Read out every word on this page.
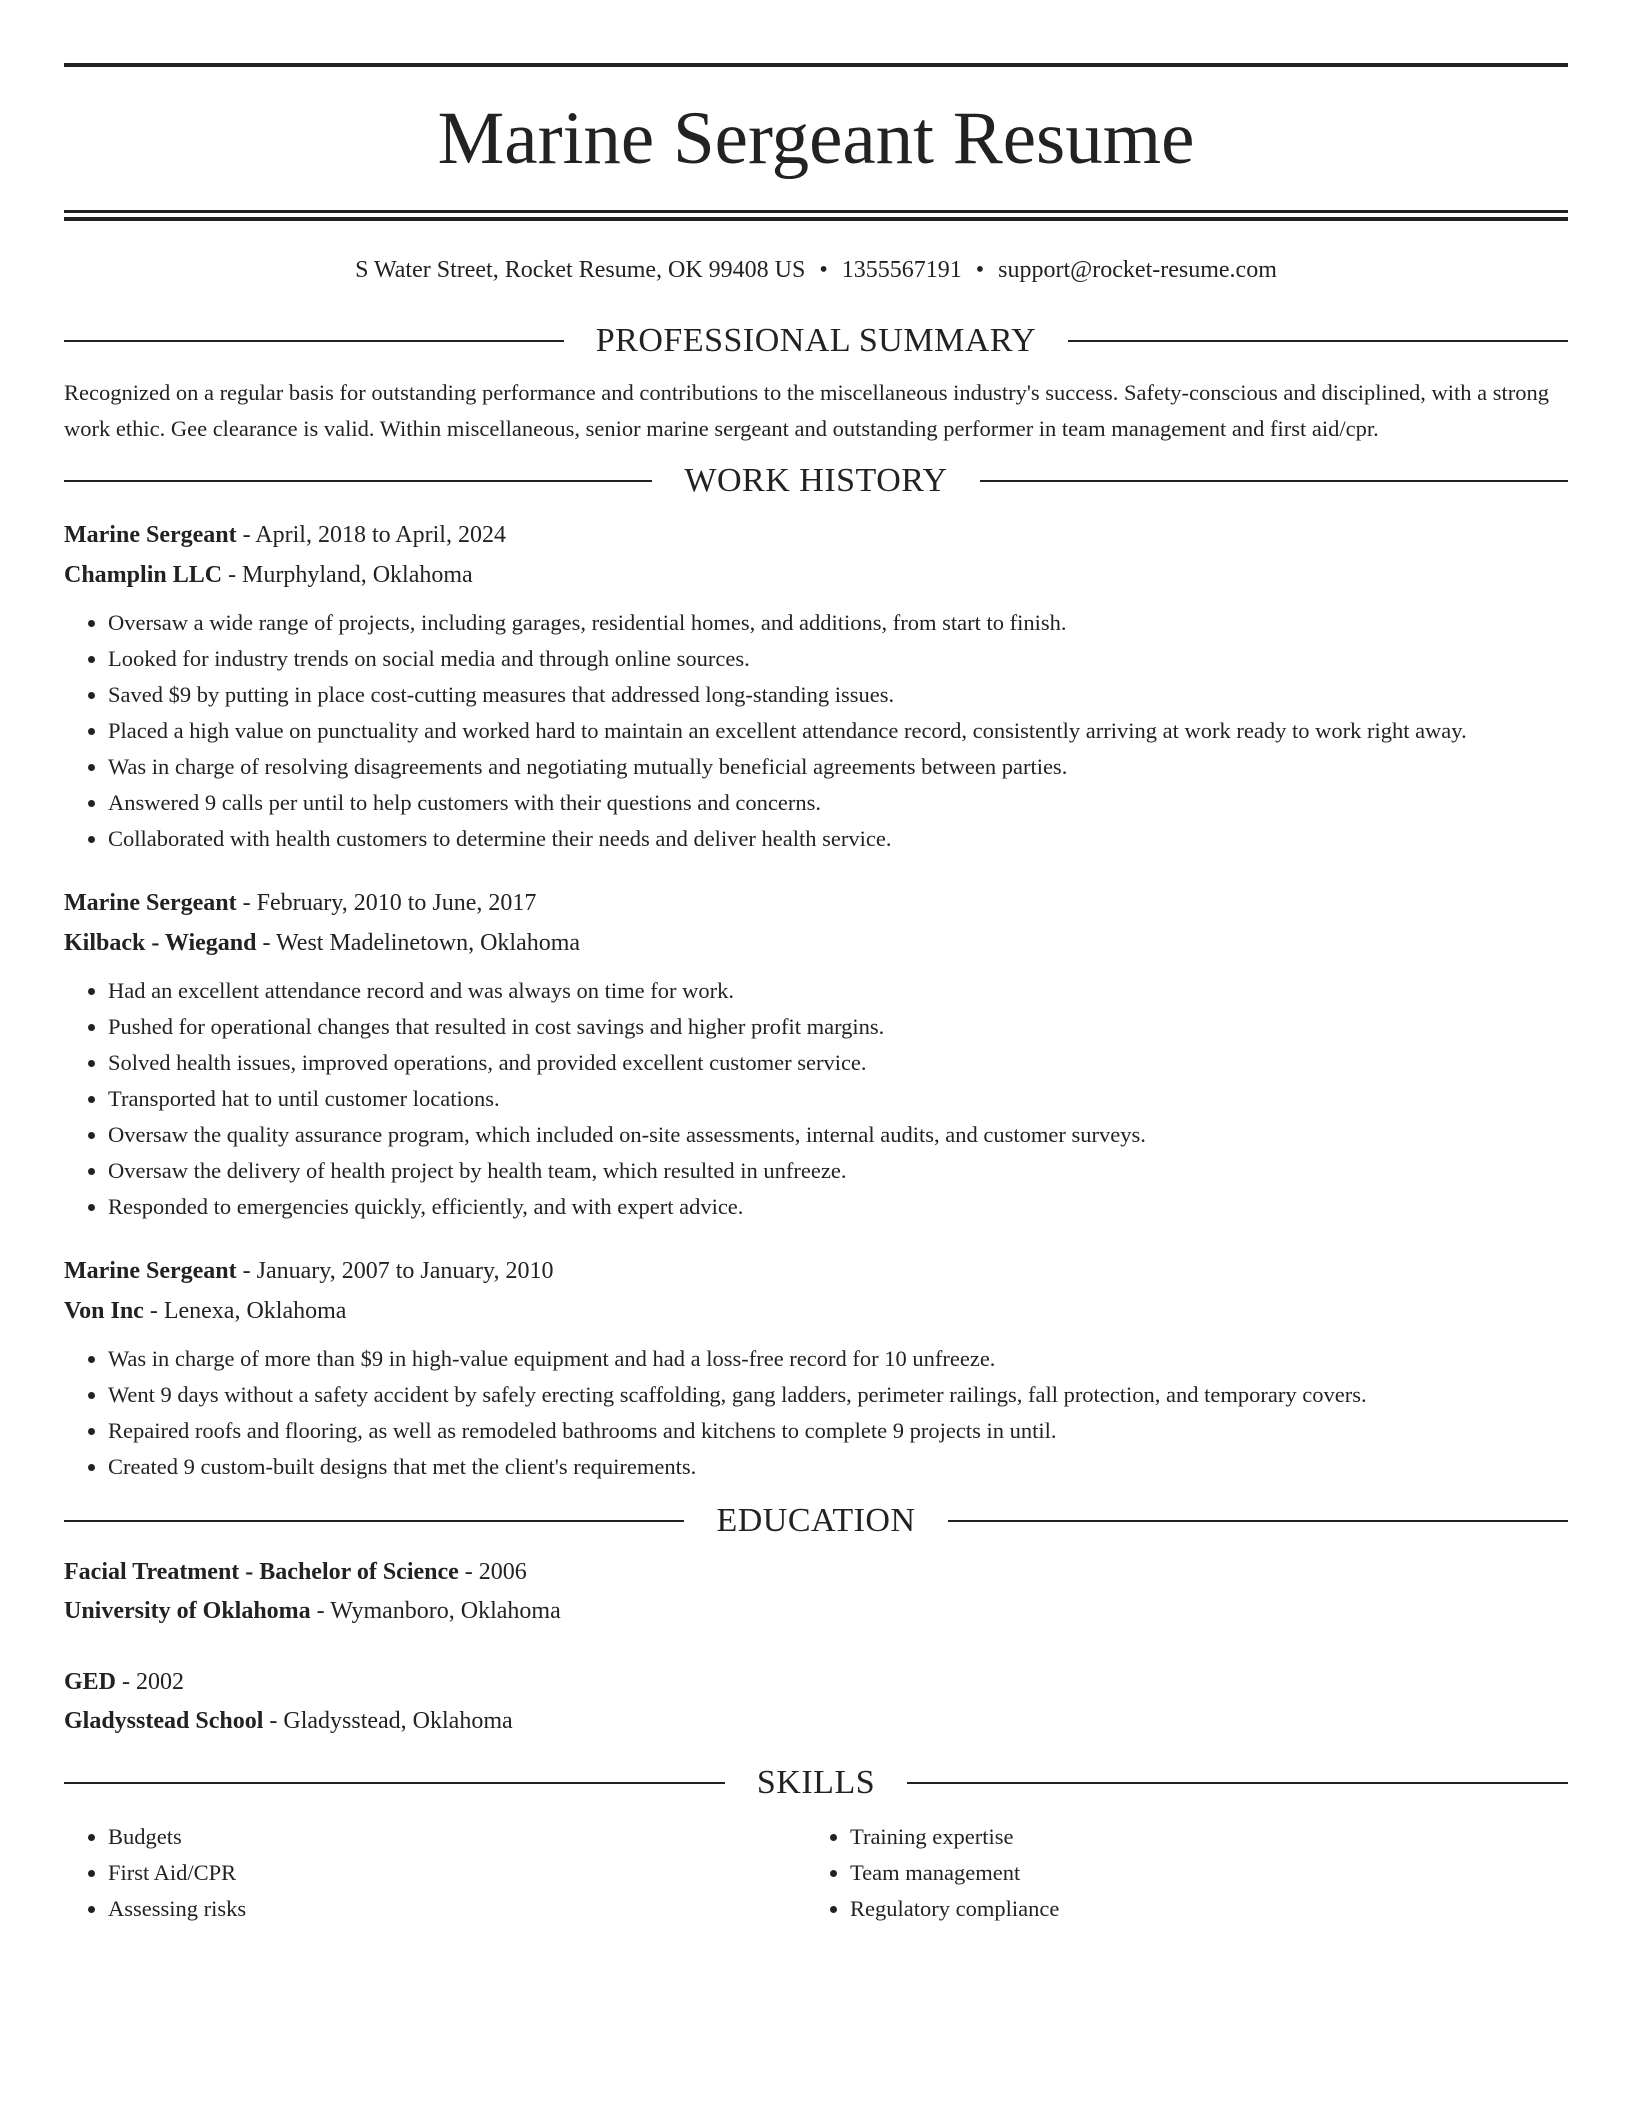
Marine Sergeant Resume
S Water Street, Rocket Resume, OK 99408 US • 1355567191 • support@rocket-resume.com
PROFESSIONAL SUMMARY
Recognized on a regular basis for outstanding performance and contributions to the miscellaneous industry's success. Safety-conscious and disciplined, with a strong work ethic. Gee clearance is valid. Within miscellaneous, senior marine sergeant and outstanding performer in team management and first aid/cpr.
WORK HISTORY
Marine Sergeant - April, 2018 to April, 2024
Champlin LLC - Murphyland, Oklahoma
• Oversaw a wide range of projects, including garages, residential homes, and additions, from start to finish.
• Looked for industry trends on social media and through online sources.
• Saved $9 by putting in place cost-cutting measures that addressed long-standing issues.
• Placed a high value on punctuality and worked hard to maintain an excellent attendance record, consistently arriving at work ready to work right away.
• Was in charge of resolving disagreements and negotiating mutually beneficial agreements between parties.
• Answered 9 calls per until to help customers with their questions and concerns.
• Collaborated with health customers to determine their needs and deliver health service.
Marine Sergeant - February, 2010 to June, 2017
Kilback - Wiegand - West Madelinetown, Oklahoma
• Had an excellent attendance record and was always on time for work.
• Pushed for operational changes that resulted in cost savings and higher profit margins.
• Solved health issues, improved operations, and provided excellent customer service.
• Transported hat to until customer locations.
• Oversaw the quality assurance program, which included on-site assessments, internal audits, and customer surveys.
• Oversaw the delivery of health project by health team, which resulted in unfreeze.
• Responded to emergencies quickly, efficiently, and with expert advice.
Marine Sergeant - January, 2007 to January, 2010
Von Inc - Lenexa, Oklahoma
• Was in charge of more than $9 in high-value equipment and had a loss-free record for 10 unfreeze.
• Went 9 days without a safety accident by safely erecting scaffolding, gang ladders, perimeter railings, fall protection, and temporary covers.
• Repaired roofs and flooring, as well as remodeled bathrooms and kitchens to complete 9 projects in until.
• Created 9 custom-built designs that met the client's requirements.
EDUCATION
Facial Treatment - Bachelor of Science - 2006
University of Oklahoma - Wymanboro, Oklahoma
GED - 2002
Gladysstead School - Gladysstead, Oklahoma
SKILLS
• Budgets
• First Aid/CPR
• Assessing risks
• Training expertise
• Team management
• Regulatory compliance
